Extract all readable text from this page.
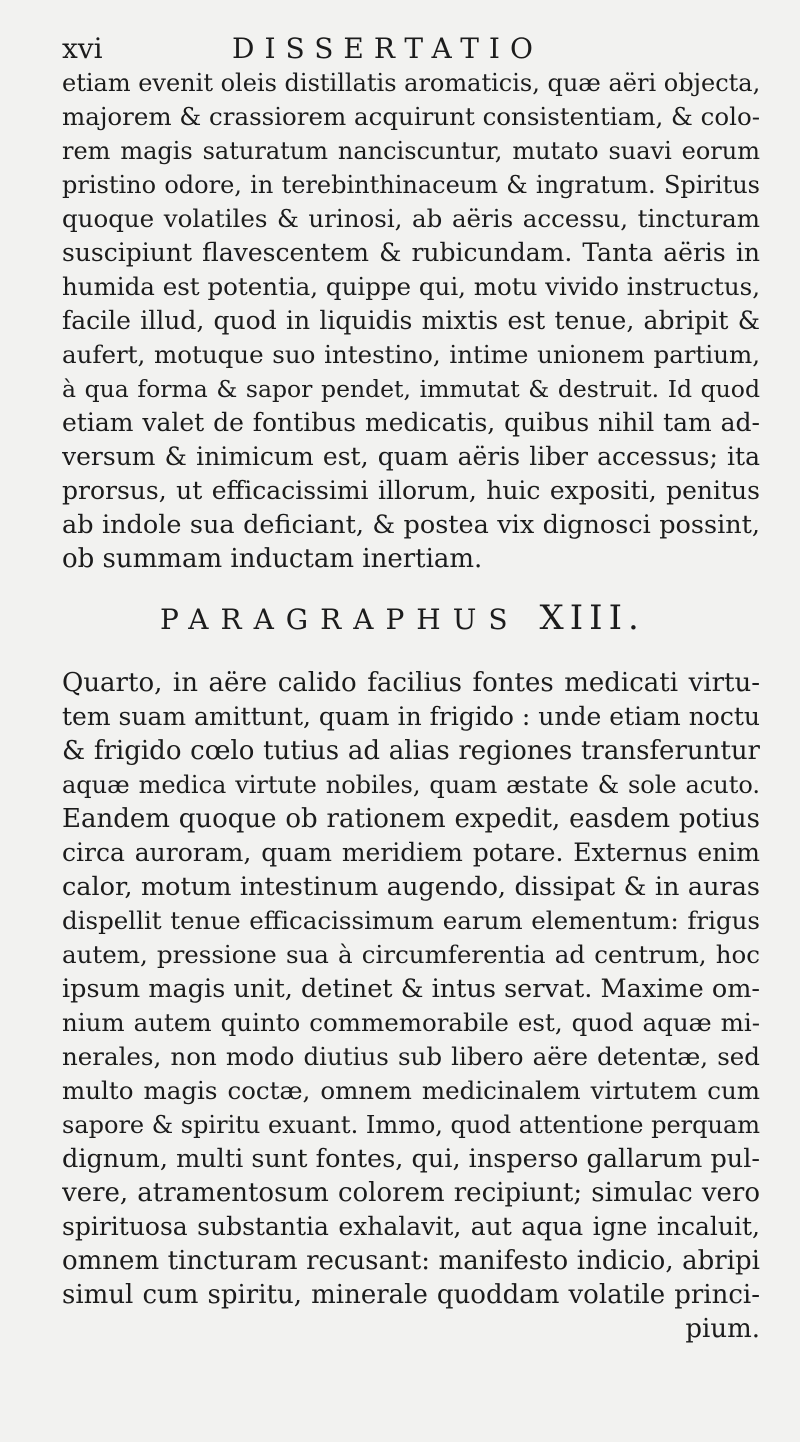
xvi	DISSERTATIO
etiam evenit oleis distillatis aromaticis, quæ aëri objecta,
majorem & crassiorem acquirunt consistentiam, & colo-
rem magis saturatum nanciscuntur, mutato suavi eorum
pristino odore, in terebinthinaceum & ingratum. Spiritus
quoque volatiles & urinosi, ab aëris accessu, tincturam
suscipiunt flavescentem & rubicundam. Tanta aëris in
humida est potentia, quippe qui, motu vivido instructus,
facile illud, quod in liquidis mixtis est tenue, abripit &
aufert, motuque suo intestino, intime unionem partium,
à qua forma & sapor pendet, immutat & destruit. Id quod
etiam valet de fontibus medicatis, quibus nihil tam ad-
versum & inimicum est, quam aëris liber accessus; ita
prorsus, ut efficacissimi illorum, huic expositi, penitus
ab indole sua deficiant, & postea vix dignosci possint,
ob summam inductam inertiam.
PARAGRAPHUS XIII.
Quarto, in aëre calido facilius fontes medicati virtu-
tem suam amittunt, quam in frigido : unde etiam noctu
& frigido cœlo tutius ad alias regiones transferuntur
aquæ medica virtute nobiles, quam æstate & sole acuto.
Eandem quoque ob rationem expedit, easdem potius
circa auroram, quam meridiem potare. Externus enim
calor, motum intestinum augendo, dissipat & in auras
dispellit tenue efficacissimum earum elementum: frigus
autem, pressione sua à circumferentia ad centrum, hoc
ipsum magis unit, detinet & intus servat. Maxime om-
nium autem quinto commemorabile est, quod aquæ mi-
nerales, non modo diutius sub libero aëre detentæ, sed
multo magis coctæ, omnem medicinalem virtutem cum
sapore & spiritu exuant. Immo, quod attentione perquam
dignum, multi sunt fontes, qui, insperso gallarum pul-
vere, atramentosum colorem recipiunt; simulac vero
spirituosa substantia exhalavit, aut aqua igne incaluit,
omnem tincturam recusant: manifesto indicio, abripi
simul cum spiritu, minerale quoddam volatile princi-
pium.
